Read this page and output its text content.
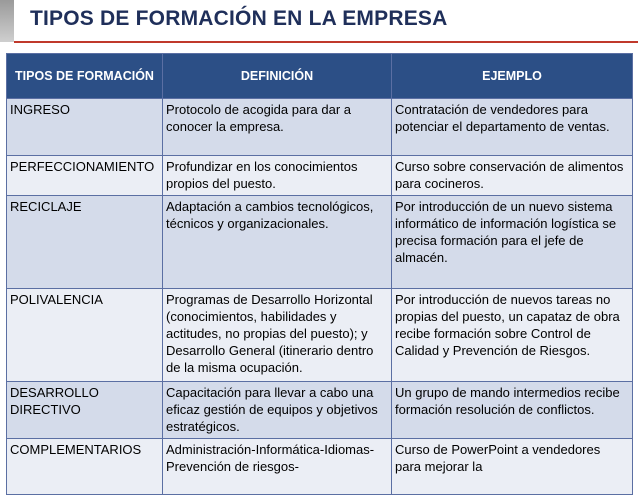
TIPOS DE FORMACIÓN EN LA EMPRESA
TIPOS DE FORMACIÓN	DEFINICIÓN	EJEMPLO
INGRESO	Protocolo de acogida para dar a conocer la empresa.	Contratación de vendedores para potenciar el departamento de ventas.
PERFECCIONAMIENTO	Profundizar en los conocimientos propios del puesto.	Curso sobre conservación de alimentos para cocineros.
RECICLAJE	Adaptación a cambios tecnológicos, técnicos y organizacionales.	Por introducción de un nuevo sistema informático de información logística se precisa formación para el jefe de almacén.
POLIVALENCIA	Programas de Desarrollo Horizontal (conocimientos, habilidades y actitudes, no propias del puesto); y Desarrollo General (itinerario dentro de la misma ocupación.	Por introducción de nuevos tareas no propias del puesto, un capataz de obra recibe formación sobre Control de Calidad y Prevención de Riesgos.
DESARROLLO DIRECTIVO	Capacitación para llevar a cabo una eficaz gestión de equipos y objetivos estratégicos.	Un grupo de mando intermedios recibe formación resolución de conflictos.
COMPLEMENTARIOS	Administración-Informática-Idiomas-Prevención de riesgos-	Curso de PowerPoint a vendedores para mejorar la
